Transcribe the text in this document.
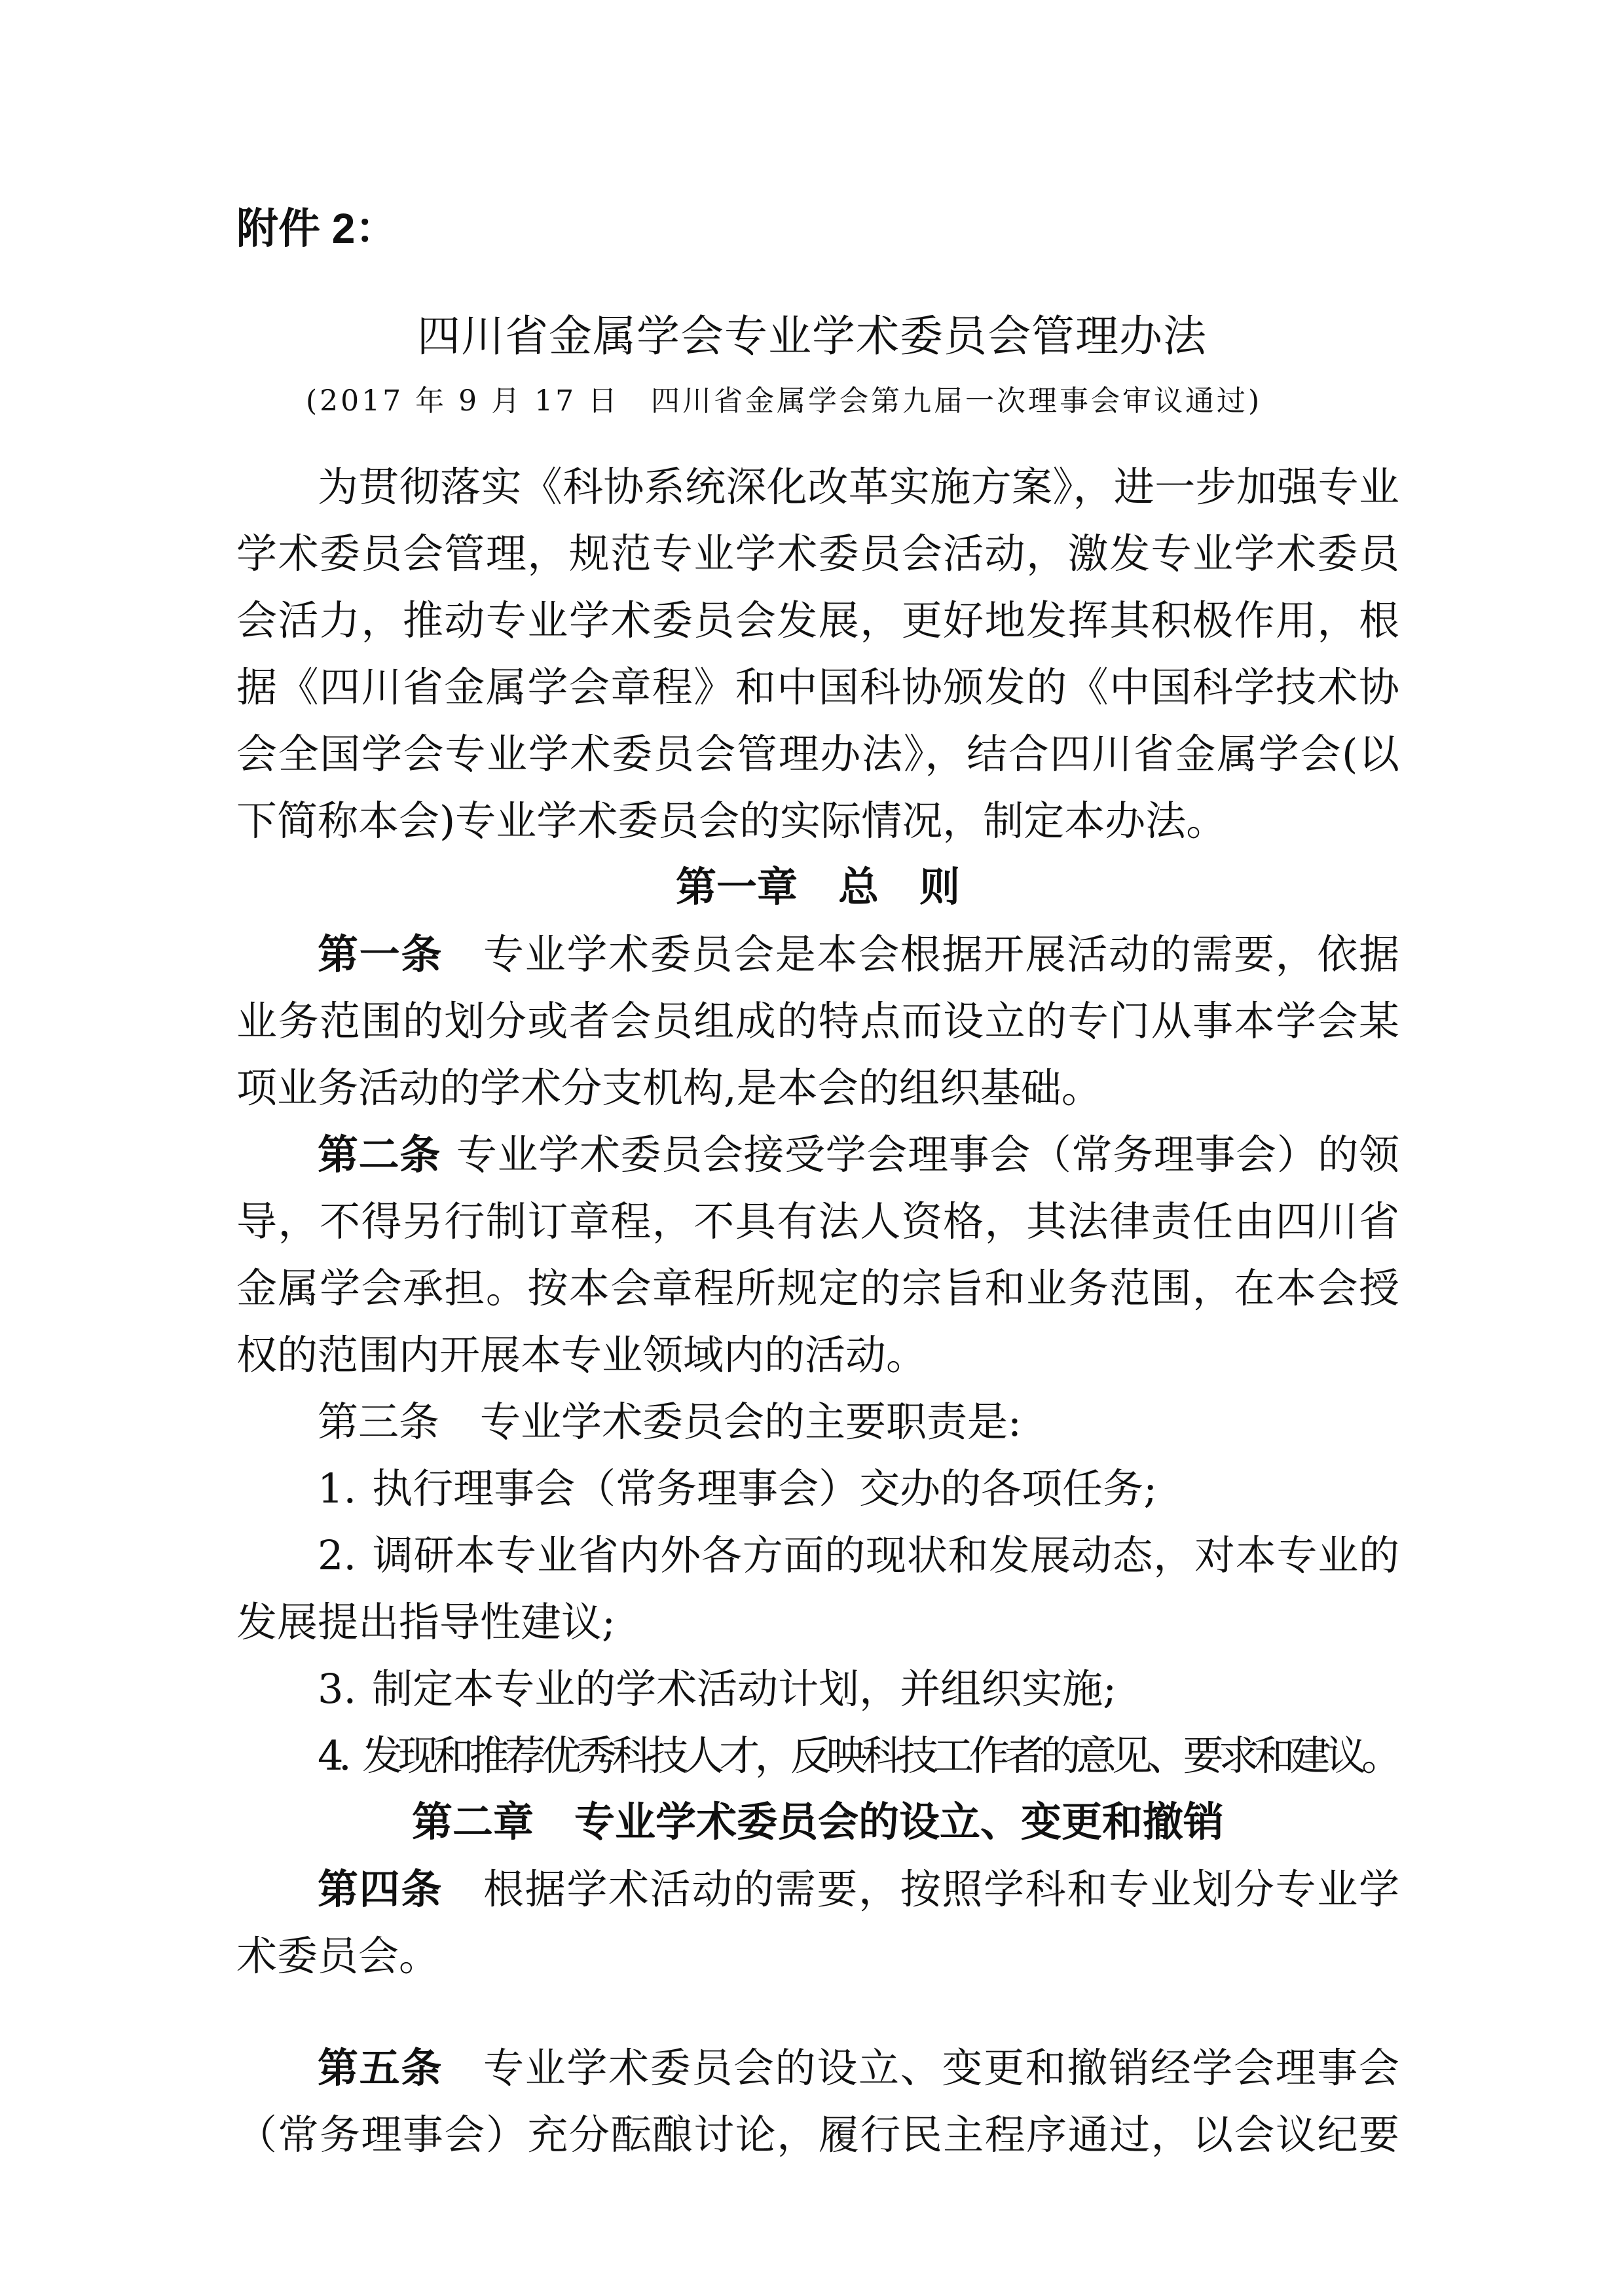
附件 2：
四川省金属学会专业学术委员会管理办法
(2017 年 9 月 17 日　四川省金属学会第九届一次理事会审议通过)
为贯彻落实《科协系统深化改革实施方案》，进一步加强专业
学术委员会管理，规范专业学术委员会活动，激发专业学术委员
会活力，推动专业学术委员会发展，更好地发挥其积极作用，根
据《四川省金属学会章程》和中国科协颁发的《中国科学技术协
会全国学会专业学术委员会管理办法》，结合四川省金属学会(以
下简称本会)专业学术委员会的实际情况，制定本办法。
第一章　总　则
第一条 专业学术委员会是本会根据开展活动的需要，依据
业务范围的划分或者会员组成的特点而设立的专门从事本学会某
项业务活动的学术分支机构,是本会的组织基础。
第二条 专业学术委员会接受学会理事会（常务理事会）的领
导，不得另行制订章程，不具有法人资格，其法律责任由四川省
金属学会承担。按本会章程所规定的宗旨和业务范围，在本会授
权的范围内开展本专业领域内的活动。
第三条 专业学术委员会的主要职责是:
1. 执行理事会（常务理事会）交办的各项任务;
2. 调研本专业省内外各方面的现状和发展动态，对本专业的
发展提出指导性建议;
3. 制定本专业的学术活动计划，并组织实施;
4. 发现和推荐优秀科技人才，反映科技工作者的意见、要求和建议。
第二章　专业学术委员会的设立、变更和撤销
第四条 根据学术活动的需要，按照学科和专业划分专业学
术委员会。
第五条 专业学术委员会的设立、变更和撤销经学会理事会
（常务理事会）充分酝酿讨论，履行民主程序通过，以会议纪要
